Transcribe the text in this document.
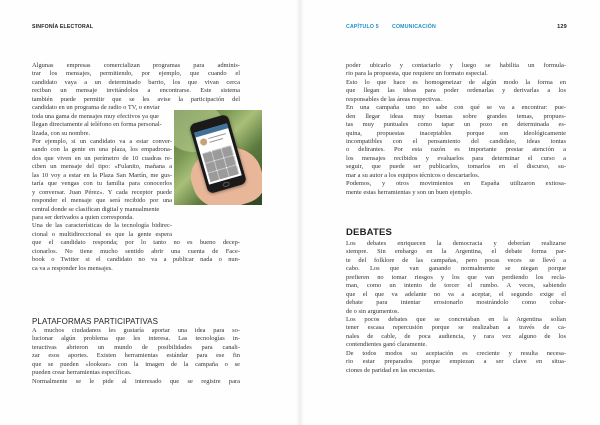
SINFONÍA ELECTORAL	CAPÍTULO 5	COMUNICACIÓN	129
Algunas empresas comercializan programas para adminis-
trar los mensajes, permitiendo, por ejemplo, que cuando el
candidato vaya a un determinado barrio, los que vivan cerca
reciban un mensaje invitándolos a encontrarse. Este sistema
también puede permitir que se les avise la participación del
candidato en un programa de radio o TV, o enviar
toda una gama de mensajes muy efectivos ya que
llegan directamente al teléfono en forma personal-
lizada, con su nombre.
Por ejemplo, si un candidato va a estar conver-
sando con la gente en una plaza, los empadrona-
dos que viven en un perímetro de 10 cuadras re-
ciben un mensaje del tipo: «Fulanito, mañana a
las 10 voy a estar en la Plaza San Martín, me gus-
taría que vengas con tu familia para conocerlos
y conversar. Juan Pérez». Y cada receptor puede
responder el mensaje que será recibido por una
central donde se clasifican digital y manualmente
para ser derivados a quien corresponda.
Una de las características de la tecnología bidirec-
cional o multidireccional es que la gente espera
que el candidato responda; por lo tanto no es bueno decep-
cionarlos. No tiene mucho sentido abrir una cuenta de Face-
book o Twitter si el candidato no va a publicar nada o nun-
ca va a responder los mensajes.
PLATAFORMAS PARTICIPATIVAS
A muchos ciudadanos les gustaría aportar una idea para so-
lucionar algún problema que les interesa. Las tecnologías in-
teractivas abrieron un mundo de posibilidades para canali-
zar esos aportes. Existen herramientas estándar para ese fin
que se pueden «lookear» con la imagen de la campaña o se
pueden crear herramientas específicas.
Normalmente se le pide al interesado que se registre para
poder ubicarlo y contactarlo y luego se habilita un formula-
rio para la propuesta, que requiere un formato especial.
Esto lo que hace es homogeneizar de algún modo la forma en
que llegan las ideas para poder ordenarlas y derivarlas a los
responsables de las áreas respectivas.
En una campaña uno no sabe con qué se va a encontrar: pue-
den llegar ideas muy buenas sobre grandes temas, propues-
tas muy puntuales como tapar un pozo en determinada es-
quina, propuestas inaceptables porque son ideológicamente
incompatibles con el pensamiento del candidato, ideas tontas
o delirantes. Por esta razón es importante prestar atención a
los mensajes recibidos y evaluarlos para determinar el curso a
seguir, que puede ser publicarlos, tomarlos en el discurso, su-
mar a su autor a los equipos técnicos o descartarlos.
Podemos, y otros movimientos en España utilizaron exitosa-
mente estas herramientas y son un buen ejemplo.
DEBATES
Los debates enriquecen la democracia y deberían realizarse
siempre. Sin embargo en la Argentina, el debate forma par-
te del folklore de las campañas, pero pocas veces se llevó a
cabo. Los que van ganando normalmente se niegan porque
prefieren no tomar riesgos y los que van perdiendo los recla-
man, como un intento de torcer el rumbo. A veces, sabiendo
que el que va adelante no va a aceptar, el segundo exige el
debate para intentar erosionarlo mostrándolo como cobar-
de o sin argumentos.
Los pocos debates que se concretaban en la Argentina solían
tener escasa repercusión porque se realizaban a través de ca-
nales de cable, de poca audiencia, y rara vez alguno de los
contendientes ganó claramente.
De todos modos su aceptación es creciente y resulta necesa-
rio estar preparados porque empiezan a ser clave en situa-
ciones de paridad en las encuestas.
